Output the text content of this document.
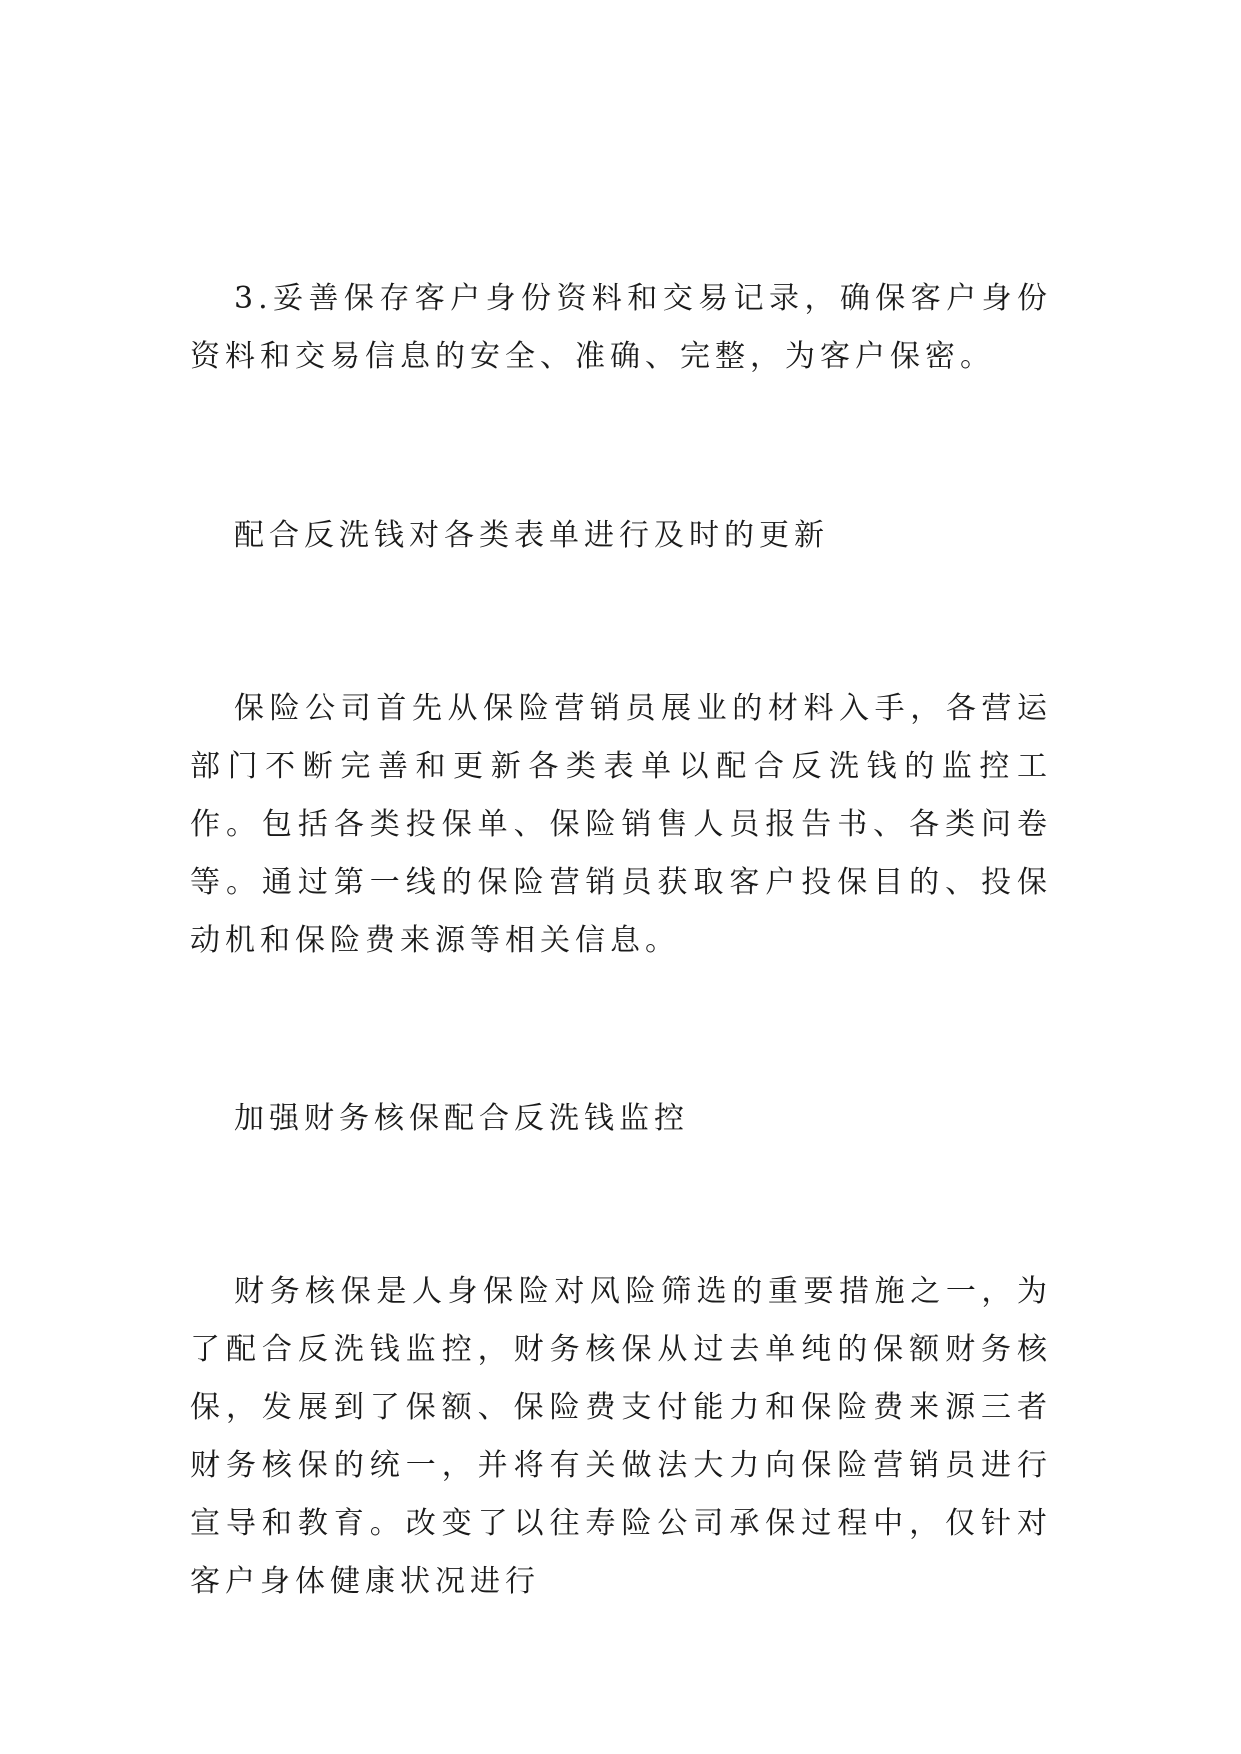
3.妥善保存客户身份资料和交易记录，确保客户身份资料和交易信息的安全、准确、完整，为客户保密。

配合反洗钱对各类表单进行及时的更新

保险公司首先从保险营销员展业的材料入手，各营运部门不断完善和更新各类表单以配合反洗钱的监控工作。包括各类投保单、保险销售人员报告书、各类问卷等。通过第一线的保险营销员获取客户投保目的、投保动机和保险费来源等相关信息。

加强财务核保配合反洗钱监控

财务核保是人身保险对风险筛选的重要措施之一，为了配合反洗钱监控，财务核保从过去单纯的保额财务核保，发展到了保额、保险费支付能力和保险费来源三者财务核保的统一，并将有关做法大力向保险营销员进行宣导和教育。改变了以往寿险公司承保过程中，仅针对客户身体健康状况进行
